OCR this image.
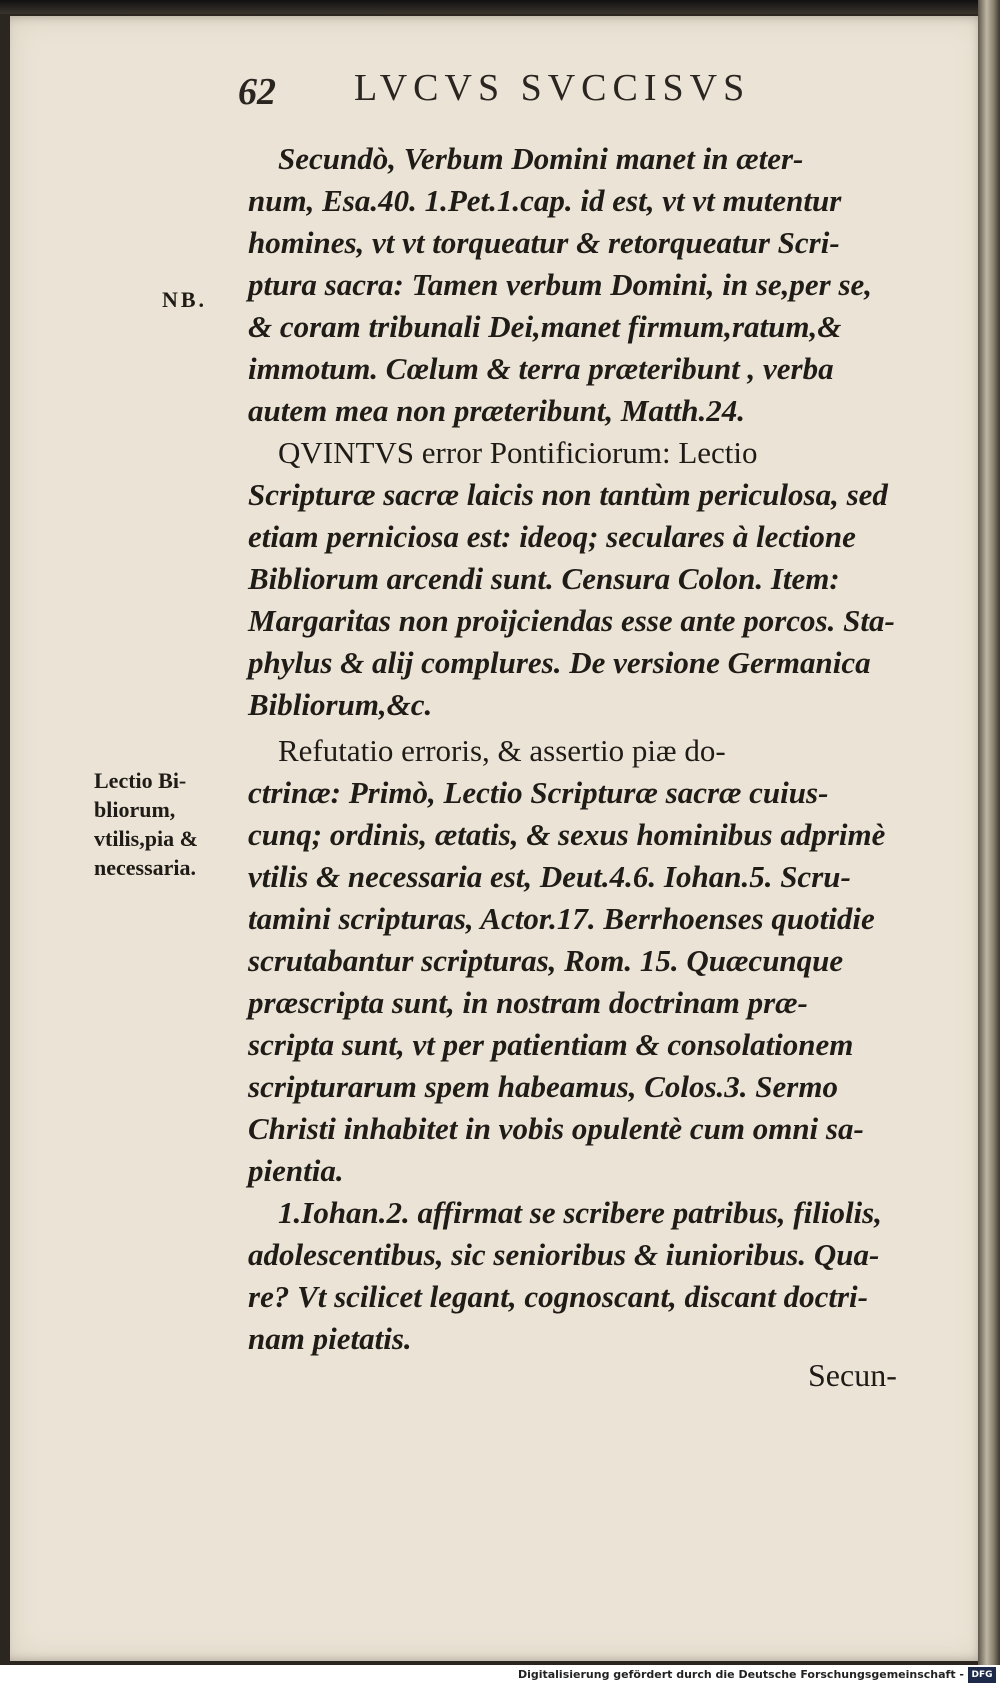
62 LVCVS SVCCISVS
NB.
Lectio Bi-
bliorum,
vtilis,pia &
necessaria.

Secundò, Verbum Domini manet in æter-
num, Esa.40. 1.Pet.1.cap. id est, vt vt mutentur
homines, vt vt torqueatur & retorqueatur Scri-
ptura sacra: Tamen verbum Domini, in se,per se,
& coram tribunali Dei,manet firmum,ratum,&
immotum. Cœlum & terra præteribunt , verba
autem mea non præteribunt, Matth.24.

QVINTVS error Pontificiorum: Lectio
Scripturæ sacræ laicis non tantùm periculosa, sed
etiam perniciosa est: ideoq; seculares à lectione
Bibliorum arcendi sunt. Censura Colon. Item:
Margaritas non proijciendas esse ante porcos. Sta-
phylus & alij complures. De versione Germanica
Bibliorum,&c.

Refutatio erroris, & assertio piæ do-
ctrinæ: Primò, Lectio Scripturæ sacræ cuius-
cunq; ordinis, ætatis, & sexus hominibus adprimè
vtilis & necessaria est, Deut.4.6. Iohan.5. Scru-
tamini scripturas, Actor.17. Berrhoenses quotidie
scrutabantur scripturas, Rom. 15. Quæcunque
præscripta sunt, in nostram doctrinam præ-
scripta sunt, vt per patientiam & consolationem
scripturarum spem habeamus, Colos.3. Sermo
Christi inhabitet in vobis opulentè cum omni sa-
pientia.

1.Iohan.2. affirmat se scribere patribus, filiolis,
adolescentibus, sic senioribus & iunioribus. Qua-
re? Vt scilicet legant, cognoscant, discant doctri-
nam pietatis.

Secun-
Digitalisierung gefördert durch die Deutsche Forschungsgemeinschaft - DFG
